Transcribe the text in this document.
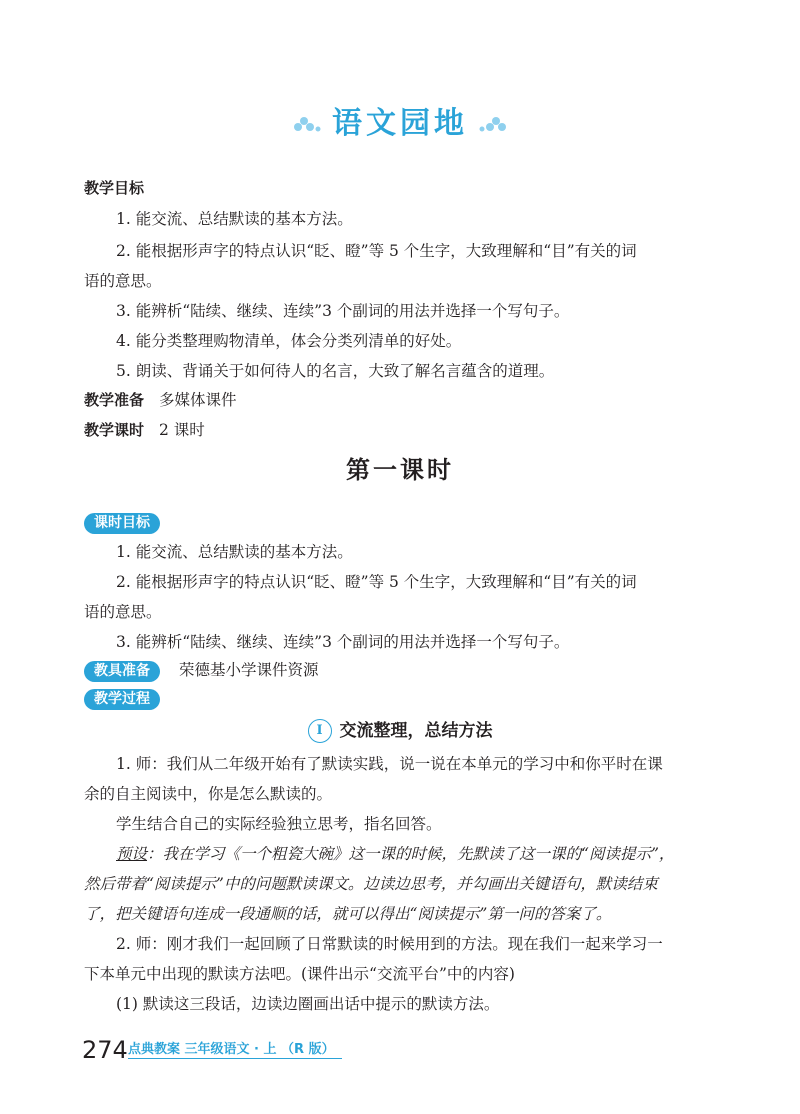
语文园地
教学目标
1. 能交流、总结默读的基本方法。
2. 能根据形声字的特点认识“眨、瞪”等 5 个生字，大致理解和“目”有关的词
语的意思。
3. 能辨析“陆续、继续、连续”3 个副词的用法并选择一个写句子。
4. 能分类整理购物清单，体会分类列清单的好处。
5. 朗读、背诵关于如何待人的名言，大致了解名言蕴含的道理。
教学准备 多媒体课件
教学课时 2 课时
第一课时
课时目标
1. 能交流、总结默读的基本方法。
2. 能根据形声字的特点认识“眨、瞪”等 5 个生字，大致理解和“目”有关的词
语的意思。
3. 能辨析“陆续、继续、连续”3 个副词的用法并选择一个写句子。
教具准备 荣德基小学课件资源
教学过程
I 交流整理，总结方法
1. 师：我们从二年级开始有了默读实践，说一说在本单元的学习中和你平时在课
余的自主阅读中，你是怎么默读的。
学生结合自己的实际经验独立思考，指名回答。
预设：我在学习《一个粗瓷大碗》这一课的时候，先默读了这一课的“阅读提示”，
然后带着“阅读提示”中的问题默读课文。边读边思考，并勾画出关键语句，默读结束
了，把关键语句连成一段通顺的话，就可以得出“阅读提示”第一问的答案了。
2. 师：刚才我们一起回顾了日常默读的时候用到的方法。现在我们一起来学习一
下本单元中出现的默读方法吧。(课件出示“交流平台”中的内容)
(1) 默读这三段话，边读边圈画出话中提示的默读方法。
274 点典教案 三年级语文 · 上 （R 版）
